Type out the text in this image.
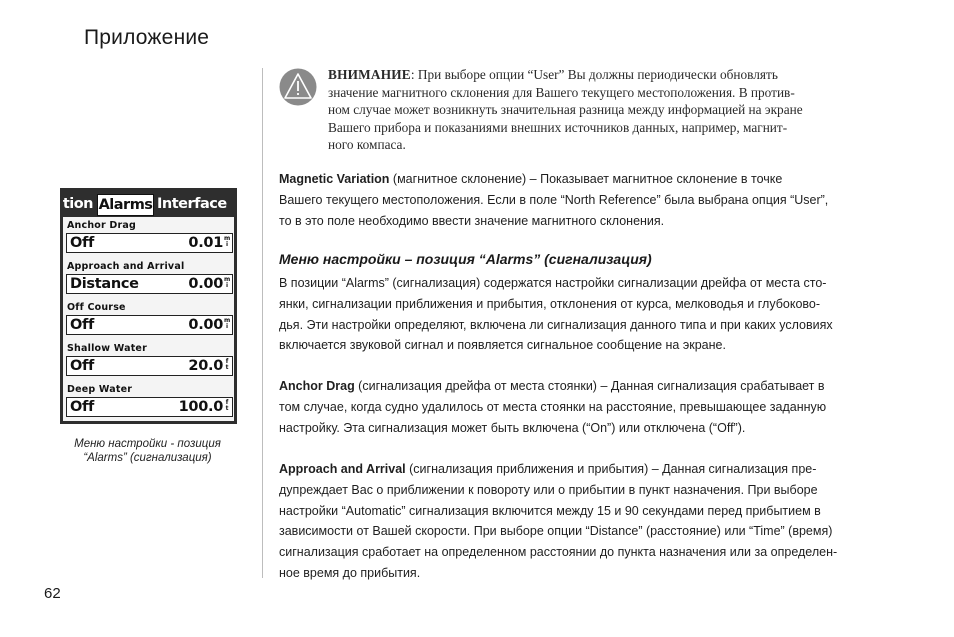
Приложение
ВНИМАНИЕ: При выборе опции “User” Вы должны периодически обновлять
значение магнитного склонения для Вашего текущего местоположения. В против-
ном случае может возникнуть значительная разница между информацией на экране
Вашего прибора и показаниями внешних источников данных, например, магнит-
ного компаса.
Magnetic Variation (магнитное склонение) – Показывает магнитное склонение в точке
Вашего текущего местоположения. Если в поле “North Reference” была выбрана опция “User”,
то в это поле необходимо ввести значение магнитного склонения.
Меню настройки – позиция “Alarms” (сигнализация)
В позиции “Alarms” (сигнализация) содержатся настройки сигнализации дрейфа от места сто-
янки, сигнализации приближения и прибытия, отклонения от курса, мелководья и глубоково-
дья. Эти настройки определяют, включена ли сигнализация данного типа и при каких условиях
включается звуковой сигнал и появляется сигнальное сообщение на экране.
Anchor Drag (сигнализация дрейфа от места стоянки) – Данная сигнализация срабатывает в
том случае, когда судно удалилось от места стоянки на расстояние, превышающее заданную
настройку. Эта сигнализация может быть включена (“On”) или отключена (“Off”).
Approach and Arrival (сигнализация приближения и прибытия) – Данная сигнализация пре-
дупреждает Вас о приближении к повороту или о прибытии в пункт назначения. При выборе
настройки “Automatic” сигнализация включится между 15 и 90 секундами перед прибытием в
зависимости от Вашей скорости. При выборе опции “Distance” (расстояние) или “Time” (время)
сигнализация сработает на определенном расстоянии до пункта назначения или за определен-
ное время до прибытия.
tion Alarms Interface
Anchor Drag
Off	0.01 m
i
Approach and Arrival
Distance	0.00 m
i
Off Course
Off	0.00 m
i
Shallow Water
Off	20.0 f
t
Deep Water
Off	100.0 f
t
Меню настройки - позиция
“Alarms” (сигнализация)
62
